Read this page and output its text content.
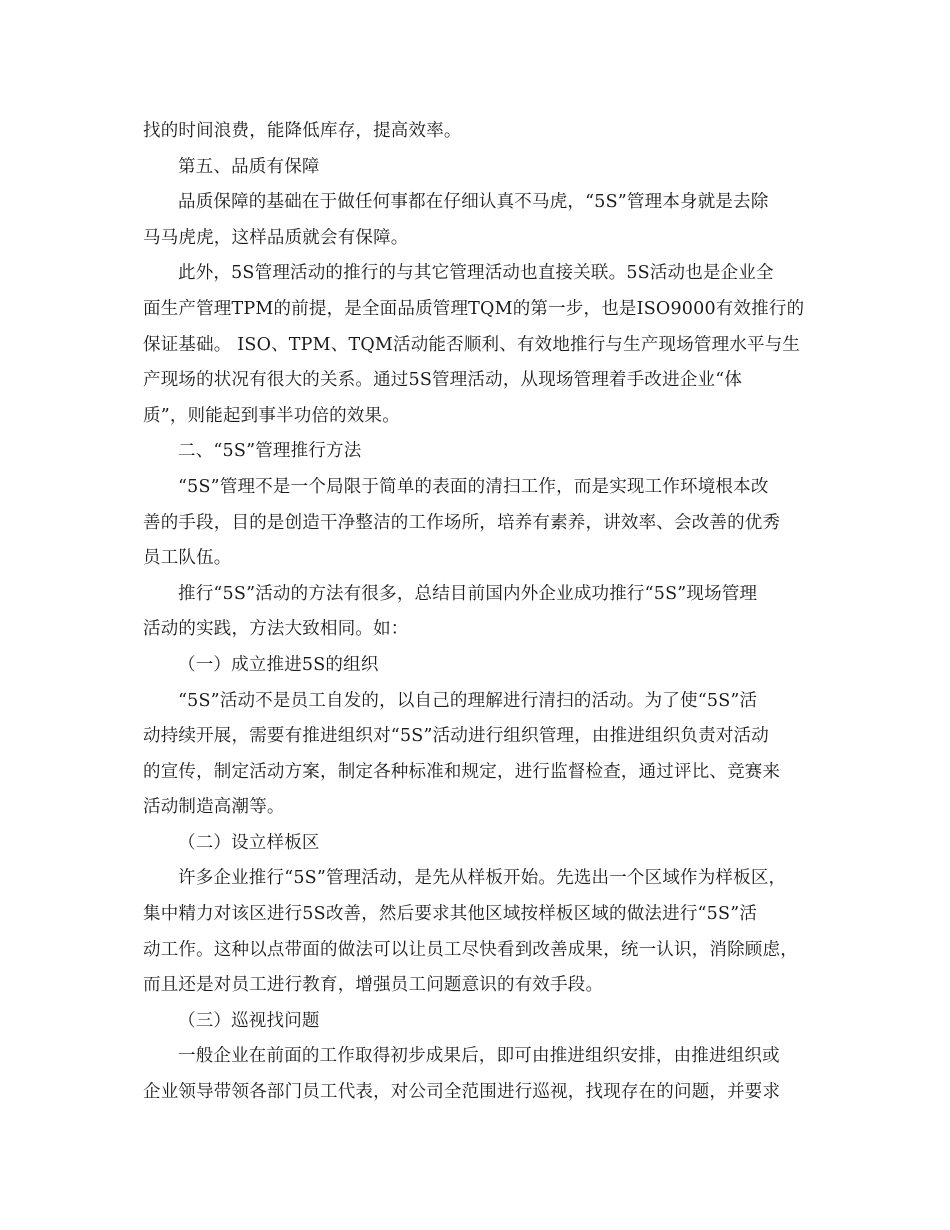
找的时间浪费，能降低库存，提高效率。
第五、品质有保障
品质保障的基础在于做任何事都在仔细认真不马虎，“5S”管理本身就是去除
马马虎虎，这样品质就会有保障。
此外，5S管理活动的推行的与其它管理活动也直接关联。5S活动也是企业全
面生产管理TPM的前提，是全面品质管理TQM的第一步，也是ISO9000有效推行的
保证基础。 ISO、TPM、TQM活动能否顺利、有效地推行与生产现场管理水平与生
产现场的状况有很大的关系。通过5S管理活动，从现场管理着手改进企业“体
质”，则能起到事半功倍的效果。
二、“5S”管理推行方法
“5S”管理不是一个局限于简单的表面的清扫工作，而是实现工作环境根本改
善的手段，目的是创造干净整洁的工作场所，培养有素养，讲效率、会改善的优秀
员工队伍。
推行“5S”活动的方法有很多，总结目前国内外企业成功推行“5S”现场管理
活动的实践，方法大致相同。如：
（一）成立推进5S的组织
“5S”活动不是员工自发的，以自己的理解进行清扫的活动。为了使“5S”活
动持续开展，需要有推进组织对“5S”活动进行组织管理，由推进组织负责对活动
的宣传，制定活动方案，制定各种标准和规定，进行监督检查，通过评比、竞赛来
活动制造高潮等。
（二）设立样板区
许多企业推行“5S”管理活动，是先从样板开始。先选出一个区域作为样板区，
集中精力对该区进行5S改善，然后要求其他区域按样板区域的做法进行“5S”活
动工作。这种以点带面的做法可以让员工尽快看到改善成果，统一认识，消除顾虑，
而且还是对员工进行教育，增强员工问题意识的有效手段。
（三）巡视找问题
一般企业在前面的工作取得初步成果后，即可由推进组织安排，由推进组织或
企业领导带领各部门员工代表，对公司全范围进行巡视，找现存在的问题，并要求
